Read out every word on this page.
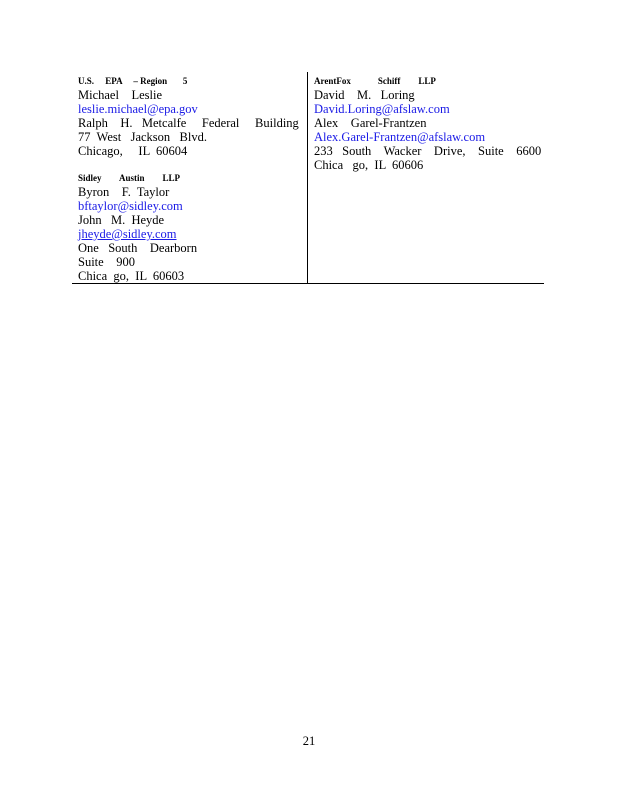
U.S.     EPA     – Region       5
Michael    Leslie
leslie.michael@epa.gov
Ralph    H.   Metcalfe     Federal     Building
77  West   Jackson   Blvd.
Chicago,     IL  60604
Sidley        Austin        LLP
Byron    F.  Taylor
bftaylor@sidley.com
John   M.  Heyde
jheyde@sidley.com
One   South    Dearborn
Suite    900
Chica  go,  IL  60603
ArentFox            Schiff        LLP
David    M.   Loring
David.Loring@afslaw.com
Alex    Garel-Frantzen
Alex.Garel-Frantzen@afslaw.com
233   South    Wacker    Drive,    Suite    6600
Chica   go,  IL  60606
21
